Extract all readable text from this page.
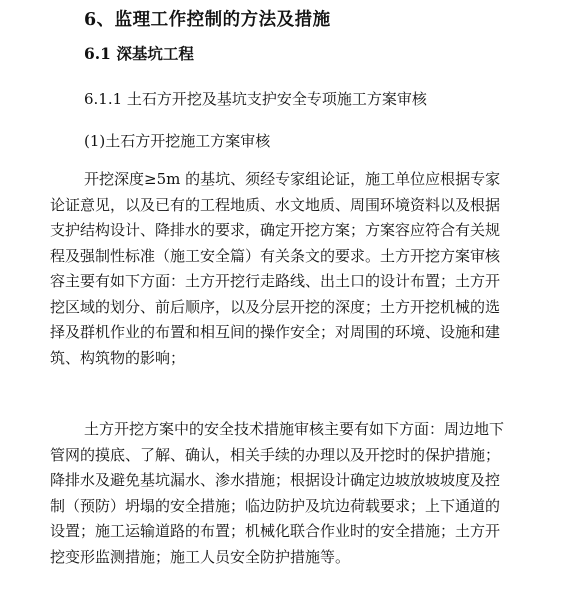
6、监理工作控制的方法及措施
6.1 深基坑工程
6.1.1 土石方开挖及基坑支护安全专项施工方案审核
(1)土石方开挖施工方案审核
开挖深度≥5m 的基坑、须经专家组论证，施工单位应根据专家
论证意见，以及已有的工程地质、水文地质、周围环境资料以及根据
支护结构设计、降排水的要求，确定开挖方案；方案容应符合有关规
程及强制性标准（施工安全篇）有关条文的要求。土方开挖方案审核
容主要有如下方面：土方开挖行走路线、出土口的设计布置；土方开
挖区域的划分、前后顺序，以及分层开挖的深度；土方开挖机械的选
择及群机作业的布置和相互间的操作安全；对周围的环境、设施和建
筑、构筑物的影响；
土方开挖方案中的安全技术措施审核主要有如下方面：周边地下
管网的摸底、了解、确认，相关手续的办理以及开挖时的保护措施；
降排水及避免基坑漏水、渗水措施；根据设计确定边坡放坡坡度及控
制（预防）坍塌的安全措施；临边防护及坑边荷载要求；上下通道的
设置；施工运输道路的布置；机械化联合作业时的安全措施；土方开
挖变形监测措施；施工人员安全防护措施等。
